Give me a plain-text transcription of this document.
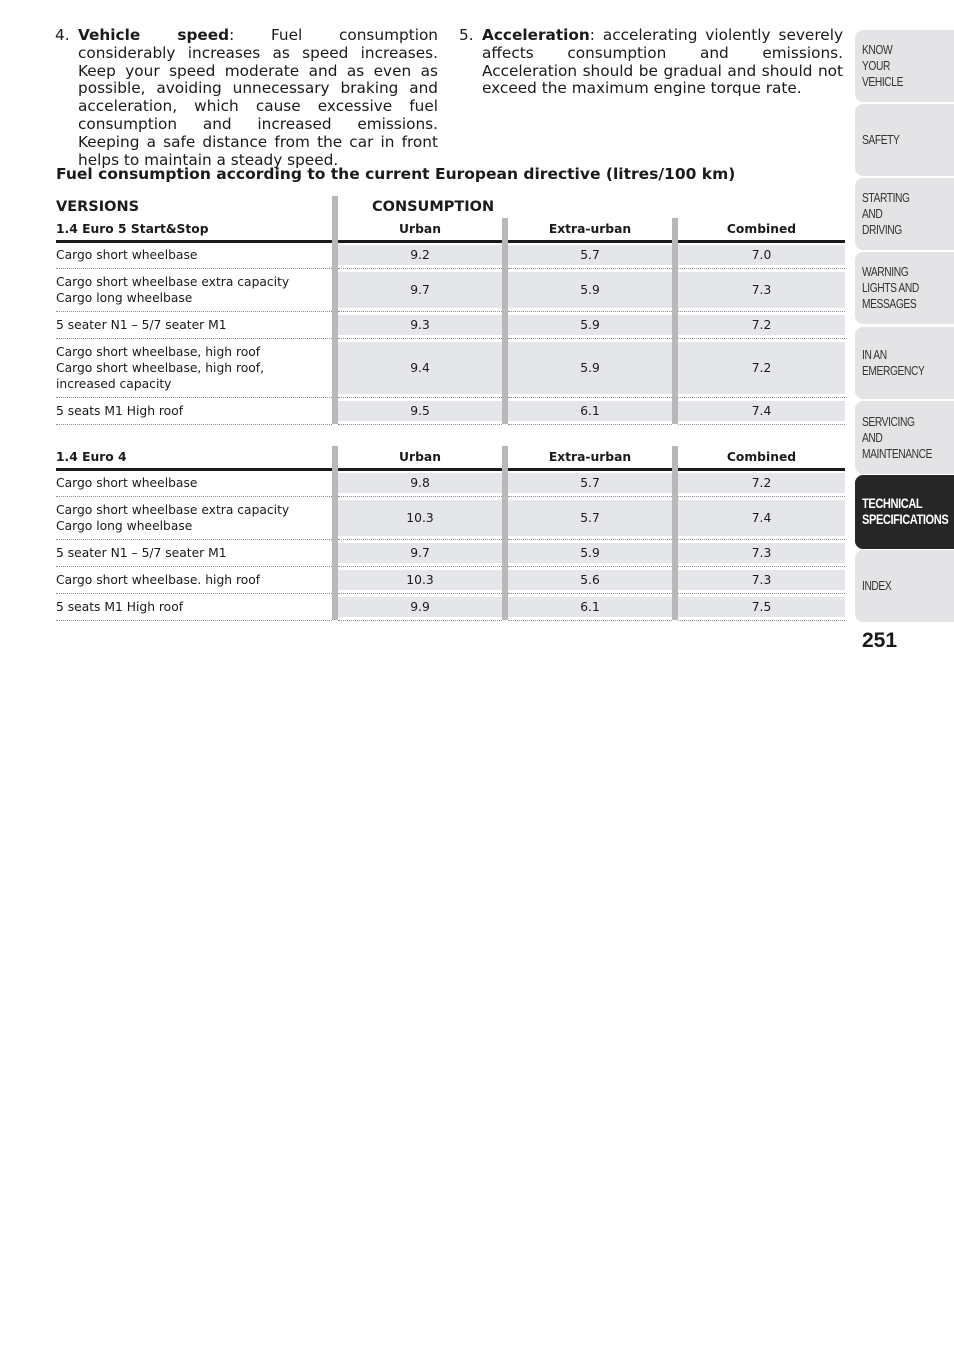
4. Vehicle speed: Fuel consumption considerably increases as speed increases. Keep your speed moderate and as even as possible, avoiding unnecessary braking and acceleration, which cause excessive fuel consumption and increased emissions. Keeping a safe distance from the car in front helps to maintain a steady speed.
5. Acceleration: accelerating violently severely affects consumption and emissions. Acceleration should be gradual and should not exceed the maximum engine torque rate.
Fuel consumption according to the current European directive (litres/100 km)
VERSIONS		CONSUMPTION				
1.4 Euro 5 Start&Stop		Urban		Extra-urban		Combined

Cargo short wheelbase		9.2		5.7		7.0

Cargo short wheelbase extra capacity
Cargo long wheelbase		9.7		5.9		7.3

5 seater N1 – 5/7 seater M1		9.3		5.9		7.2

Cargo short wheelbase, high roof
Cargo short wheelbase, high roof,
increased capacity		9.4		5.9		7.2

5 seats M1 High roof		9.5		6.1		7.4
1.4 Euro 4		Urban		Extra-urban		Combined

Cargo short wheelbase		9.8		5.7		7.2

Cargo short wheelbase extra capacity
Cargo long wheelbase		10.3		5.7		7.4

5 seater N1 – 5/7 seater M1		9.7		5.9		7.3

Cargo short wheelbase. high roof		10.3		5.6		7.3

5 seats M1 High roof		9.9		6.1		7.5
KNOW
YOUR
VEHICLE
SAFETY
STARTING
AND
DRIVING
WARNING
LIGHTS AND
MESSAGES
IN AN
EMERGENCY
SERVICING
AND
MAINTENANCE
TECHNICAL
SPECIFICATIONS
INDEX
251
